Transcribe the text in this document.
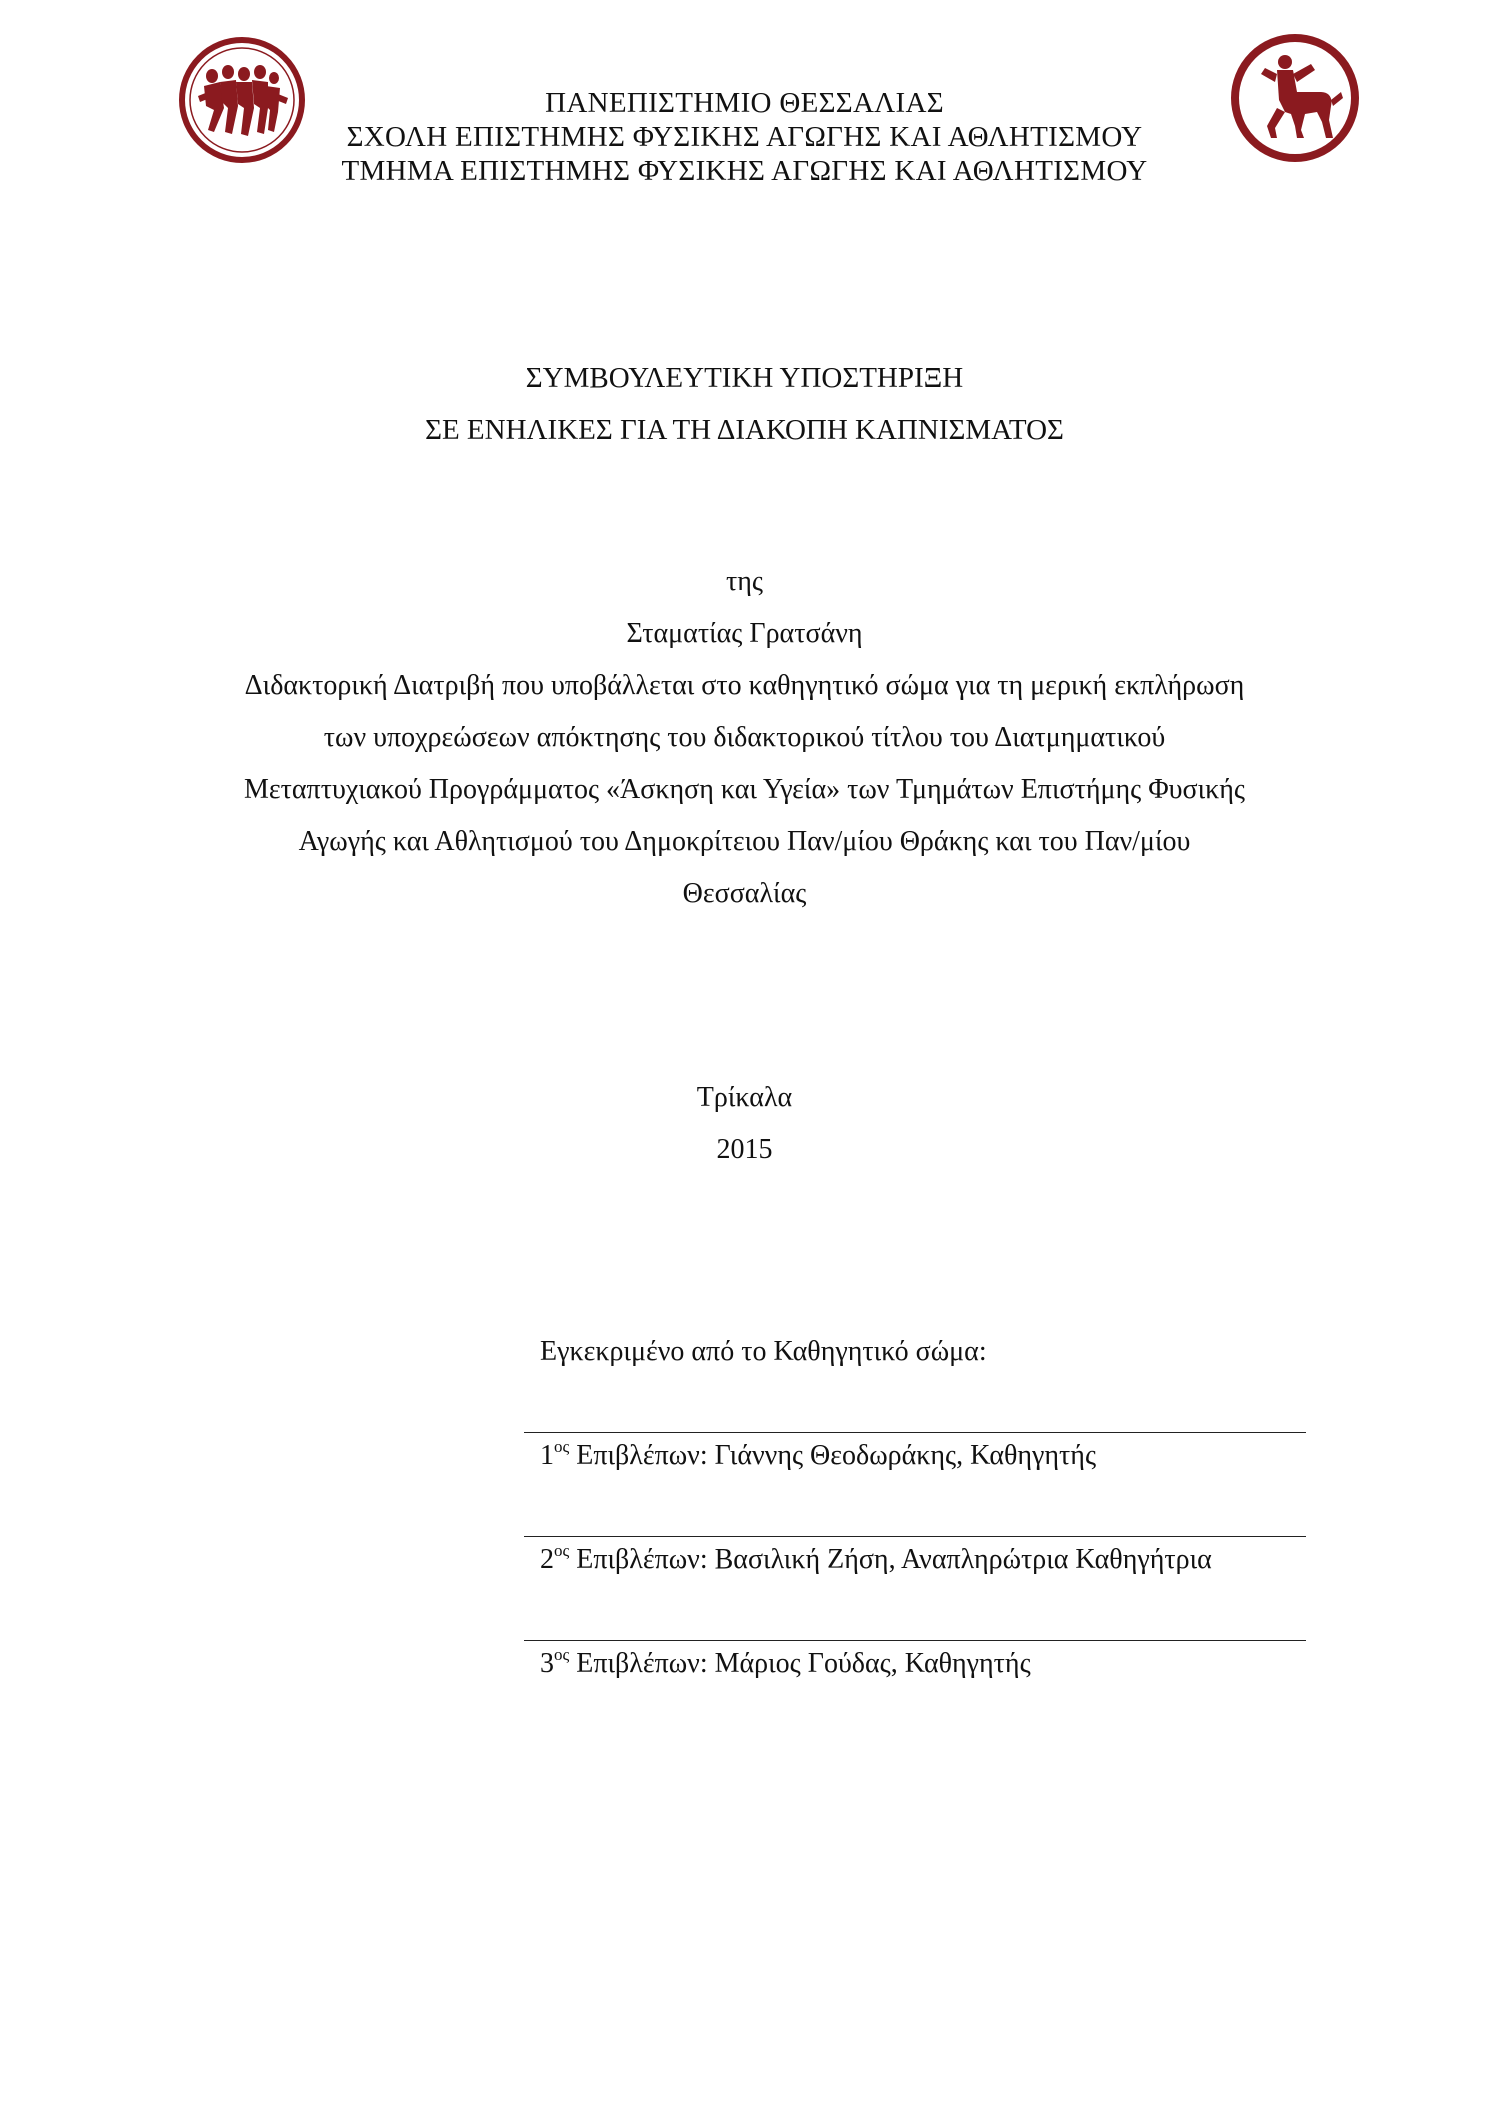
ΠΑΝΕΠΙΣΤΗΜΙΟ ΘΕΣΣΑΛΙΑΣ
ΣΧΟΛΗ ΕΠΙΣΤΗΜΗΣ ΦΥΣΙΚΗΣ ΑΓΩΓΗΣ ΚΑΙ ΑΘΛΗΤΙΣΜΟΥ
ΤΜΗΜΑ ΕΠΙΣΤΗΜΗΣ ΦΥΣΙΚΗΣ ΑΓΩΓΗΣ ΚΑΙ ΑΘΛΗΤΙΣΜΟΥ
ΣΥΜΒΟΥΛΕΥΤΙΚΗ ΥΠΟΣΤΗΡΙΞΗ
ΣΕ ΕΝΗΛΙΚΕΣ ΓΙΑ ΤΗ ΔΙΑΚΟΠΗ ΚΑΠΝΙΣΜΑΤΟΣ
της
Σταματίας Γρατσάνη
Διδακτορική Διατριβή που υποβάλλεται στο καθηγητικό σώμα για τη μερική εκπλήρωση
των υποχρεώσεων απόκτησης του διδακτορικού τίτλου του Διατμηματικού
Μεταπτυχιακού Προγράμματος «Άσκηση και Υγεία» των Τμημάτων Επιστήμης Φυσικής
Αγωγής και Αθλητισμού του Δημοκρίτειου Παν/μίου Θράκης και του Παν/μίου
Θεσσαλίας
Τρίκαλα
2015
Εγκεκριμένο από το Καθηγητικό σώμα:
$1^{o\varsigma}$ Επιβλέπων: Γιάννης Θεοδωράκης, Καθηγητής
$2^{o\varsigma}$ Επιβλέπων: Βασιλική Ζήση, Αναπληρώτρια Καθηγήτρια
$3^{o\varsigma}$ Επιβλέπων: Μάριος Γούδας, Καθηγητής
